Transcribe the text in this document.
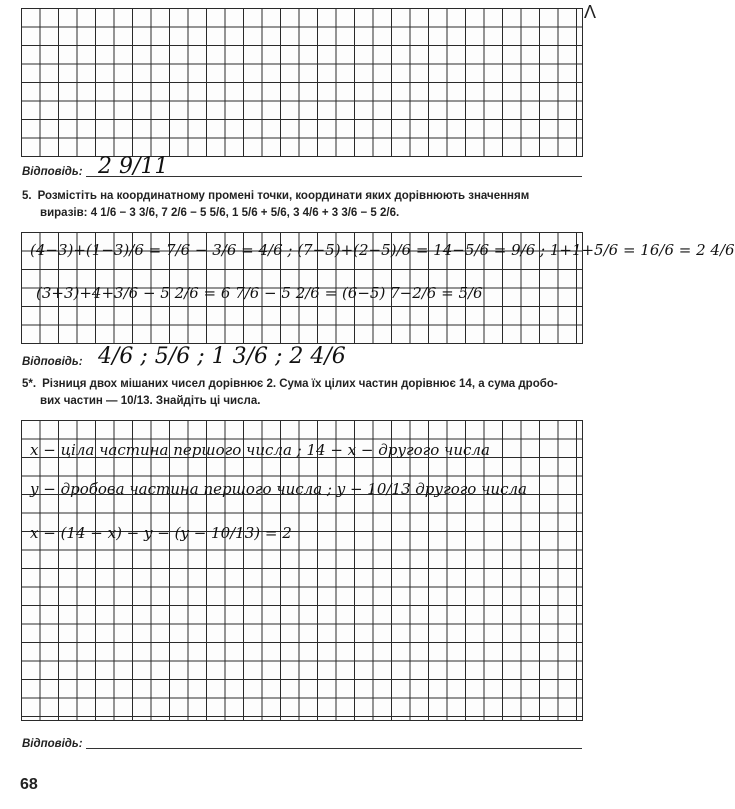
Ʌ
Відповідь: 2 9/11
5. Розмістіть на координатному промені точки, координати яких дорівнюють значенням
виразів: 4 1/6 − 3 3/6, 7 2/6 − 5 5/6, 1 5/6 + 5/6, 3 4/6 + 3 3/6 − 5 2/6.
(4−3)+(1−3)/6 = 7/6 − 3/6 = 4/6 ; (7−5)+(2−5)/6 = 14−5/6 = 9/6 ; 1+1+5/6 = 16/6 = 2 4/6
(3+3)+4+3/6 − 5 2/6 = 6 7/6 − 5 2/6 = (6−5) 7−2/6 = 5/6
Відповідь: 4/6 ; 5/6 ; 1 3/6 ; 2 4/6
5*. Різниця двох мішаних чисел дорівнює 2. Сума їх цілих частин дорівнює 14, а сума дробо-
вих частин — 10/13. Знайдіть ці числа.
x − ціла частина першого числа ; 14 − x − другого числа
y − дробова частина першого числа ; y − 10/13 другого числа
x − (14 − x) − y − (y − 10/13) = 2
Відповідь:
68
